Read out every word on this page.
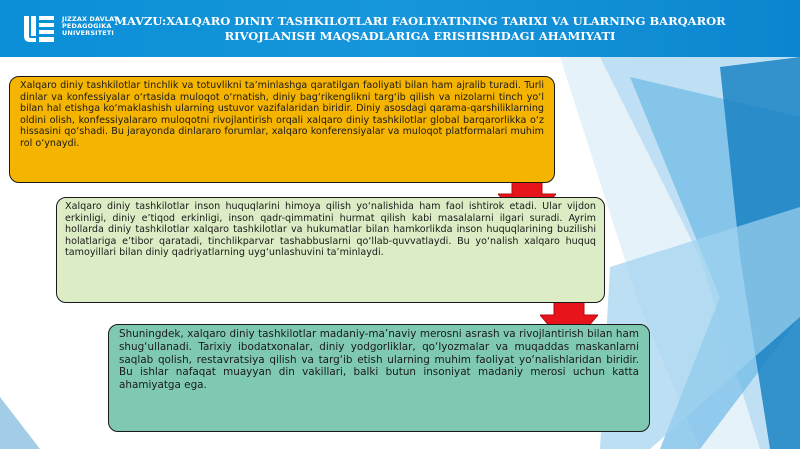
JIZZAX DAVLAT PEDAGOGIKA UNIVERSITETI
MAVZU:XALQARO DINIY TASHKILOTLARI FAOLIYATINING TARIXI VA ULARNING BARQAROR RIVOJLANISH MAQSADLARIGA ERISHISHDAGI AHAMIYATI
Xalqaro diniy tashkilotlar tinchlik va totuvlikni ta’minlashga qaratilgan faoliyati bilan ham ajralib turadi. Turli dinlar va konfessiyalar o‘rtasida muloqot o‘rnatish, diniy bag‘rikenglikni targ‘ib qilish va nizolarni tinch yo‘l bilan hal etishga ko‘maklashish ularning ustuvor vazifalaridan biridir. Diniy asosdagi qarama-qarshiliklarning oldini olish, konfessiyalararo muloqotni rivojlantirish orqali xalqaro diniy tashkilotlar global barqarorlikka o‘z hissasini qo‘shadi. Bu jarayonda dinlararo forumlar, xalqaro konferensiyalar va muloqot platformalari muhim rol o‘ynaydi.
Xalqaro diniy tashkilotlar inson huquqlarini himoya qilish yo‘nalishida ham faol ishtirok etadi. Ular vijdon erkinligi, diniy e’tiqod erkinligi, inson qadr-qimmatini hurmat qilish kabi masalalarni ilgari suradi. Ayrim hollarda diniy tashkilotlar xalqaro tashkilotlar va hukumatlar bilan hamkorlikda inson huquqlarining buzilishi holatlariga e’tibor qaratadi, tinchlikparvar tashabbuslarni qo‘llab-quvvatlaydi. Bu yo‘nalish xalqaro huquq tamoyillari bilan diniy qadriyatlarning uyg‘unlashuvini ta’minlaydi.
Shuningdek, xalqaro diniy tashkilotlar madaniy-ma’naviy merosni asrash va rivojlantirish bilan ham shug‘ullanadi. Tarixiy ibodatxonalar, diniy yodgorliklar, qo‘lyozmalar va muqaddas maskanlarni saqlab qolish, restavratsiya qilish va targ‘ib etish ularning muhim faoliyat yo‘nalishlaridan biridir. Bu ishlar nafaqat muayyan din vakillari, balki butun insoniyat madaniy merosi uchun katta ahamiyatga ega.
